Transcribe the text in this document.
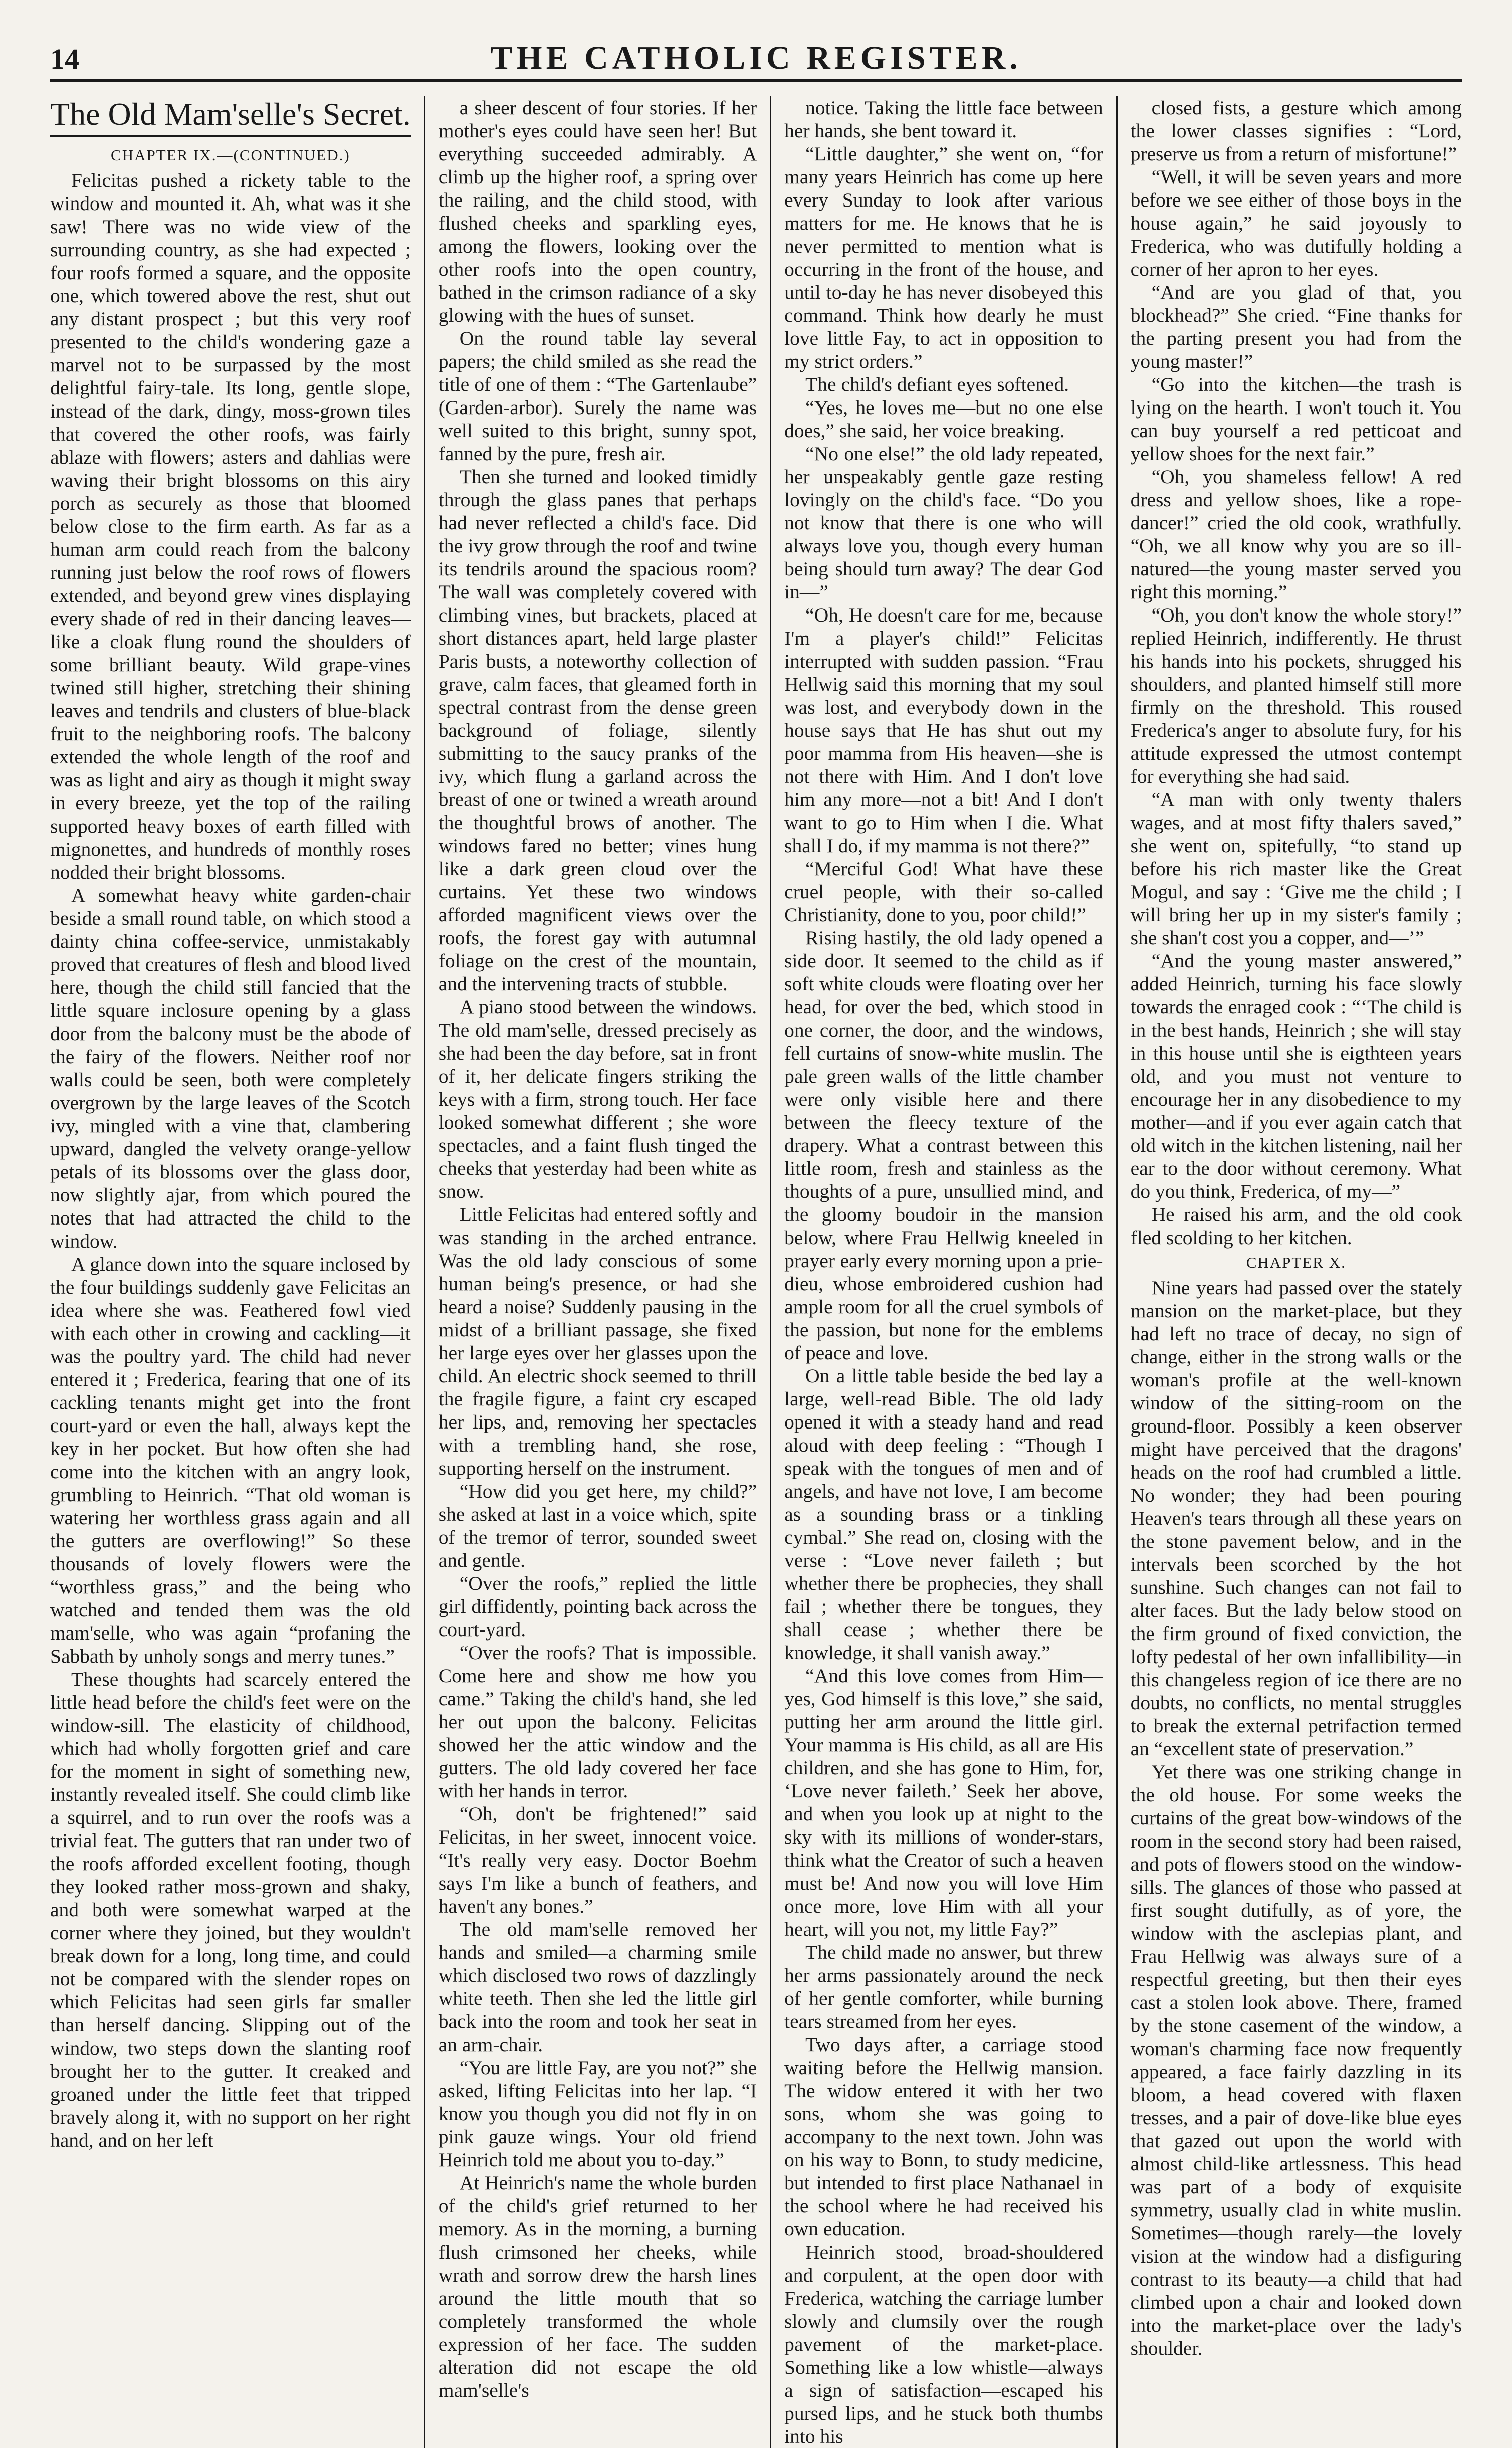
14	THE CATHOLIC REGISTER.
The Old Mam'selle's Secret.
CHAPTER IX.—(CONTINUED.)

Felicitas pushed a rickety table to the window and mounted it. Ah, what was it she saw! There was no wide view of the surrounding country, as she had expected ; four roofs formed a square, and the opposite one, which towered above the rest, shut out any distant prospect ; but this very roof presented to the child's wondering gaze a marvel not to be surpassed by the most delightful fairy-tale. Its long, gentle slope, instead of the dark, dingy, moss-grown tiles that covered the other roofs, was fairly ablaze with flowers; asters and dahlias were waving their bright blossoms on this airy porch as securely as those that bloomed below close to the firm earth. As far as a human arm could reach from the balcony running just below the roof rows of flowers extended, and beyond grew vines displaying every shade of red in their dancing leaves—like a cloak flung round the shoulders of some brilliant beauty. Wild grape-vines twined still higher, stretching their shining leaves and tendrils and clusters of blue-black fruit to the neighboring roofs. The balcony extended the whole length of the roof and was as light and airy as though it might sway in every breeze, yet the top of the railing supported heavy boxes of earth filled with mignonettes, and hundreds of monthly roses nodded their bright blossoms.

A somewhat heavy white garden-chair beside a small round table, on which stood a dainty china coffee-service, unmistakably proved that creatures of flesh and blood lived here, though the child still fancied that the little square inclosure opening by a glass door from the balcony must be the abode of the fairy of the flowers. Neither roof nor walls could be seen, both were completely overgrown by the large leaves of the Scotch ivy, mingled with a vine that, clambering upward, dangled the velvety orange-yellow petals of its blossoms over the glass door, now slightly ajar, from which poured the notes that had attracted the child to the window.

A glance down into the square inclosed by the four buildings suddenly gave Felicitas an idea where she was. Feathered fowl vied with each other in crowing and cackling—it was the poultry yard. The child had never entered it ; Frederica, fearing that one of its cackling tenants might get into the front court-yard or even the hall, always kept the key in her pocket. But how often she had come into the kitchen with an angry look, grumbling to Heinrich. “That old woman is watering her worthless grass again and all the gutters are overflowing!” So these thousands of lovely flowers were the “worthless grass,” and the being who watched and tended them was the old mam'selle, who was again “profaning the Sabbath by unholy songs and merry tunes.”

These thoughts had scarcely entered the little head before the child's feet were on the window-sill. The elasticity of childhood, which had wholly forgotten grief and care for the moment in sight of something new, instantly revealed itself. She could climb like a squirrel, and to run over the roofs was a trivial feat. The gutters that ran under two of the roofs afforded excellent footing, though they looked rather moss-grown and shaky, and both were somewhat warped at the corner where they joined, but they wouldn't break down for a long, long time, and could not be compared with the slender ropes on which Felicitas had seen girls far smaller than herself dancing. Slipping out of the window, two steps down the slanting roof brought her to the gutter. It creaked and groaned under the little feet that tripped bravely along it, with no support on her right hand, and on her left

a sheer descent of four stories. If her mother's eyes could have seen her! But everything succeeded admirably. A climb up the higher roof, a spring over the railing, and the child stood, with flushed cheeks and sparkling eyes, among the flowers, looking over the other roofs into the open country, bathed in the crimson radiance of a sky glowing with the hues of sunset.

On the round table lay several papers; the child smiled as she read the title of one of them : “The Gartenlaube” (Garden-arbor). Surely the name was well suited to this bright, sunny spot, fanned by the pure, fresh air.

Then she turned and looked timidly through the glass panes that perhaps had never reflected a child's face. Did the ivy grow through the roof and twine its tendrils around the spacious room? The wall was completely covered with climbing vines, but brackets, placed at short distances apart, held large plaster Paris busts, a noteworthy collection of grave, calm faces, that gleamed forth in spectral contrast from the dense green background of foliage, silently submitting to the saucy pranks of the ivy, which flung a garland across the breast of one or twined a wreath around the thoughtful brows of another. The windows fared no better; vines hung like a dark green cloud over the curtains. Yet these two windows afforded magnificent views over the roofs, the forest gay with autumnal foliage on the crest of the mountain, and the intervening tracts of stubble.

A piano stood between the windows. The old mam'selle, dressed precisely as she had been the day before, sat in front of it, her delicate fingers striking the keys with a firm, strong touch. Her face looked somewhat different ; she wore spectacles, and a faint flush tinged the cheeks that yesterday had been white as snow.

Little Felicitas had entered softly and was standing in the arched entrance. Was the old lady conscious of some human being's presence, or had she heard a noise? Suddenly pausing in the midst of a brilliant passage, she fixed her large eyes over her glasses upon the child. An electric shock seemed to thrill the fragile figure, a faint cry escaped her lips, and, removing her spectacles with a trembling hand, she rose, supporting herself on the instrument.

“How did you get here, my child?” she asked at last in a voice which, spite of the tremor of terror, sounded sweet and gentle.

“Over the roofs,” replied the little girl diffidently, pointing back across the court-yard.

“Over the roofs? That is impossible. Come here and show me how you came.” Taking the child's hand, she led her out upon the balcony. Felicitas showed her the attic window and the gutters. The old lady covered her face with her hands in terror.

“Oh, don't be frightened!” said Felicitas, in her sweet, innocent voice. “It's really very easy. Doctor Boehm says I'm like a bunch of feathers, and haven't any bones.”

The old mam'selle removed her hands and smiled—a charming smile which disclosed two rows of dazzlingly white teeth. Then she led the little girl back into the room and took her seat in an arm-chair.

“You are little Fay, are you not?” she asked, lifting Felicitas into her lap. “I know you though you did not fly in on pink gauze wings. Your old friend Heinrich told me about you to-day.”

At Heinrich's name the whole burden of the child's grief returned to her memory. As in the morning, a burning flush crimsoned her cheeks, while wrath and sorrow drew the harsh lines around the little mouth that so completely transformed the whole expression of her face. The sudden alteration did not escape the old mam'selle's

notice. Taking the little face between her hands, she bent toward it.

“Little daughter,” she went on, “for many years Heinrich has come up here every Sunday to look after various matters for me. He knows that he is never permitted to mention what is occurring in the front of the house, and until to-day he has never disobeyed this command. Think how dearly he must love little Fay, to act in opposition to my strict orders.”

The child's defiant eyes softened.

“Yes, he loves me—but no one else does,” she said, her voice breaking.

“No one else!” the old lady repeated, her unspeakably gentle gaze resting lovingly on the child's face. “Do you not know that there is one who will always love you, though every human being should turn away? The dear God in—”

“Oh, He doesn't care for me, because I'm a player's child!” Felicitas interrupted with sudden passion. “Frau Hellwig said this morning that my soul was lost, and everybody down in the house says that He has shut out my poor mamma from His heaven—she is not there with Him. And I don't love him any more—not a bit! And I don't want to go to Him when I die. What shall I do, if my mamma is not there?”

“Merciful God! What have these cruel people, with their so-called Christianity, done to you, poor child!”

Rising hastily, the old lady opened a side door. It seemed to the child as if soft white clouds were floating over her head, for over the bed, which stood in one corner, the door, and the windows, fell curtains of snow-white muslin. The pale green walls of the little chamber were only visible here and there between the fleecy texture of the drapery. What a contrast between this little room, fresh and stainless as the thoughts of a pure, unsullied mind, and the gloomy boudoir in the mansion below, where Frau Hellwig kneeled in prayer early every morning upon a prie-dieu, whose embroidered cushion had ample room for all the cruel symbols of the passion, but none for the emblems of peace and love.

On a little table beside the bed lay a large, well-read Bible. The old lady opened it with a steady hand and read aloud with deep feeling : “Though I speak with the tongues of men and of angels, and have not love, I am become as a sounding brass or a tinkling cymbal.” She read on, closing with the verse : “Love never faileth ; but whether there be prophecies, they shall fail ; whether there be tongues, they shall cease ; whether there be knowledge, it shall vanish away.”

“And this love comes from Him—yes, God himself is this love,” she said, putting her arm around the little girl. Your mamma is His child, as all are His children, and she has gone to Him, for, ‘Love never faileth.’ Seek her above, and when you look up at night to the sky with its millions of wonder-stars, think what the Creator of such a heaven must be! And now you will love Him once more, love Him with all your heart, will you not, my little Fay?”

The child made no answer, but threw her arms passionately around the neck of her gentle comforter, while burning tears streamed from her eyes.

Two days after, a carriage stood waiting before the Hellwig mansion. The widow entered it with her two sons, whom she was going to accompany to the next town. John was on his way to Bonn, to study medicine, but intended to first place Nathanael in the school where he had received his own education.

Heinrich stood, broad-shouldered and corpulent, at the open door with Frederica, watching the carriage lumber slowly and clumsily over the rough pavement of the market-place. Something like a low whistle—always a sign of satisfaction—escaped his pursed lips, and he stuck both thumbs into his

closed fists, a gesture which among the lower classes signifies : “Lord, preserve us from a return of misfortune!”

“Well, it will be seven years and more before we see either of those boys in the house again,” he said joyously to Frederica, who was dutifully holding a corner of her apron to her eyes.

“And are you glad of that, you blockhead?” She cried. “Fine thanks for the parting present you had from the young master!”

“Go into the kitchen—the trash is lying on the hearth. I won't touch it. You can buy yourself a red petticoat and yellow shoes for the next fair.”

“Oh, you shameless fellow! A red dress and yellow shoes, like a rope-dancer!” cried the old cook, wrathfully. “Oh, we all know why you are so ill-natured—the young master served you right this morning.”

“Oh, you don't know the whole story!” replied Heinrich, indifferently. He thrust his hands into his pockets, shrugged his shoulders, and planted himself still more firmly on the threshold. This roused Frederica's anger to absolute fury, for his attitude expressed the utmost contempt for everything she had said.

“A man with only twenty thalers wages, and at most fifty thalers saved,” she went on, spitefully, “to stand up before his rich master like the Great Mogul, and say : ‘Give me the child ; I will bring her up in my sister's family ; she shan't cost you a copper, and—’”

“And the young master answered,” added Heinrich, turning his face slowly towards the enraged cook : “‘The child is in the best hands, Heinrich ; she will stay in this house until she is eigthteen years old, and you must not venture to encourage her in any disobedience to my mother—and if you ever again catch that old witch in the kitchen listening, nail her ear to the door without ceremony. What do you think, Frederica, of my—”

He raised his arm, and the old cook fled scolding to her kitchen.

CHAPTER X.

Nine years had passed over the stately mansion on the market-place, but they had left no trace of decay, no sign of change, either in the strong walls or the woman's profile at the well-known window of the sitting-room on the ground-floor. Possibly a keen observer might have perceived that the dragons' heads on the roof had crumbled a little. No wonder; they had been pouring Heaven's tears through all these years on the stone pavement below, and in the intervals been scorched by the hot sunshine. Such changes can not fail to alter faces. But the lady below stood on the firm ground of fixed conviction, the lofty pedestal of her own infallibility—in this changeless region of ice there are no doubts, no conflicts, no mental struggles to break the external petrifaction termed an “excellent state of preservation.”

Yet there was one striking change in the old house. For some weeks the curtains of the great bow-windows of the room in the second story had been raised, and pots of flowers stood on the window-sills. The glances of those who passed at first sought dutifully, as of yore, the window with the asclepias plant, and Frau Hellwig was always sure of a respectful greeting, but then their eyes cast a stolen look above. There, framed by the stone casement of the window, a woman's charming face now frequently appeared, a face fairly dazzling in its bloom, a head covered with flaxen tresses, and a pair of dove-like blue eyes that gazed out upon the world with almost child-like artlessness. This head was part of a body of exquisite symmetry, usually clad in white muslin. Sometimes—though rarely—the lovely vision at the window had a disfiguring contrast to its beauty—a child that had climbed upon a chair and looked down into the market-place over the lady's shoulder.
